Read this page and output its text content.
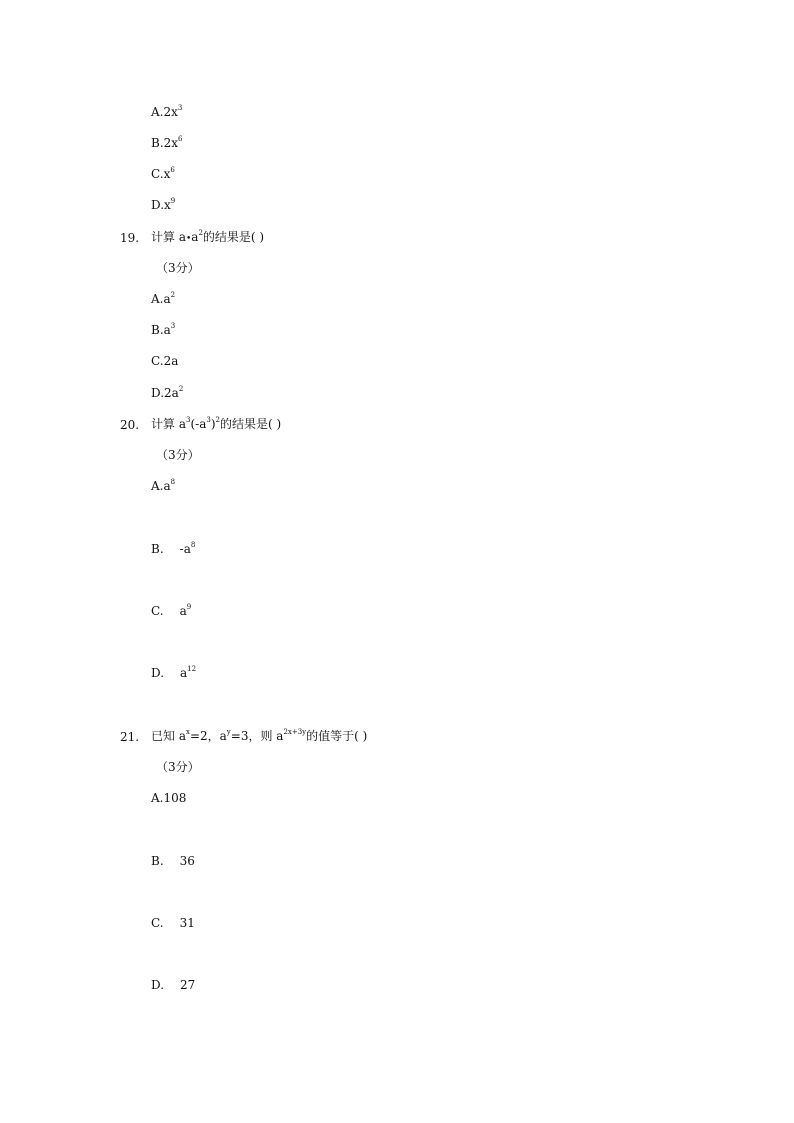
$A.2x^3$
$B.2x^6$
$C.x^6$
$D.x^9$
19. 计算 $a•a^2$的结果是( )
（3分）
$A.a^2$
$B.a^3$
C.2a
$D.2a^2$
20. 计算 $a^3(-a^3)^2$的结果是( )
（3分）
$A.a^8$
B. $-a^8$
C. $a^9$
D. $a^{12}$
21. 已知 $a^x=2$，$a^y=3$，则 $a^{2x+3y}$的值等于( )
（3分）
A.108
B. 36
C. 31
D. 27
